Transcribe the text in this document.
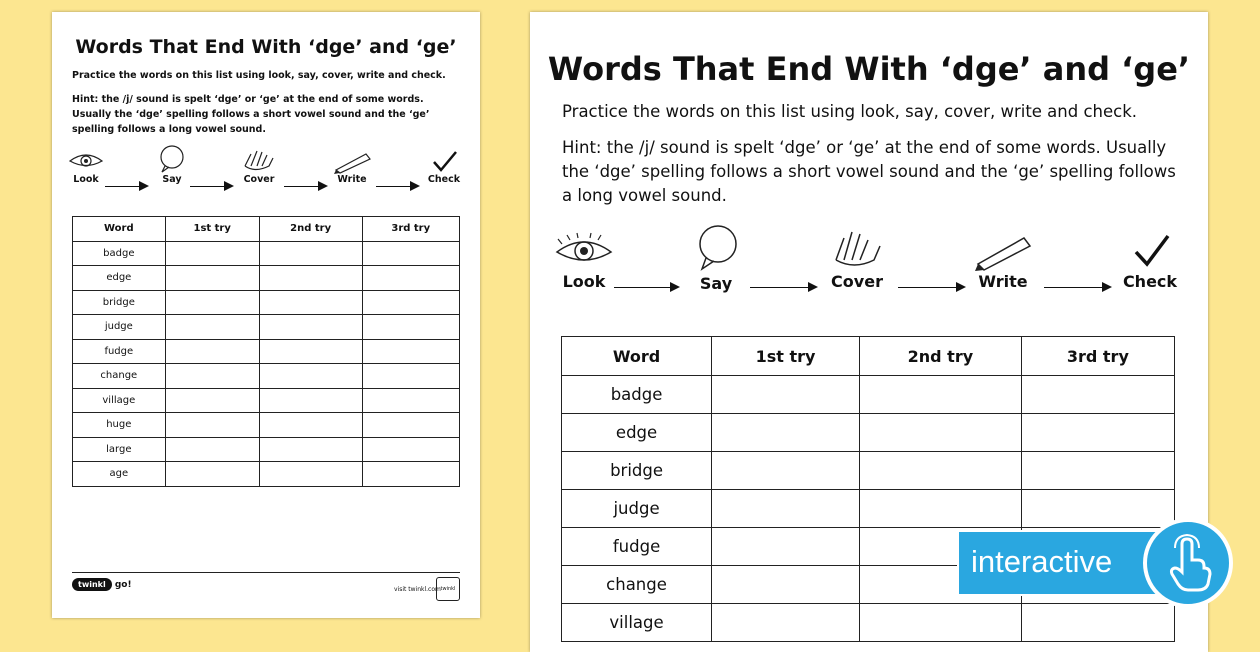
Words That End With ‘dge’ and ‘ge’

Practice the words on this list using look, say, cover, write and check.

Hint: the /j/ sound is spelt ‘dge’ or ‘ge’ at the end of some words. Usually the ‘dge’ spelling follows a short vowel sound and the ‘ge’ spelling follows a long vowel sound.

Look	Say	Cover	Write	Check
Word	1st try	2nd try	3rd try
badge			
edge			
bridge			
judge			
fudge			
change			
village			
huge			
large			
age			
twinkl go!	visit twinkl.com twinkl
Words That End With ‘dge’ and ‘ge’

Practice the words on this list using look, say, cover, write and check.

Hint: the /j/ sound is spelt ‘dge’ or ‘ge’ at the end of some words. Usually the ‘dge’ spelling follows a short vowel sound and the ‘ge’ spelling follows a long vowel sound.

Look	Say	Cover	Write	Check
Word	1st try	2nd try	3rd try
badge			
edge			
bridge			
judge			
fudge			
change			
village			
interactive
